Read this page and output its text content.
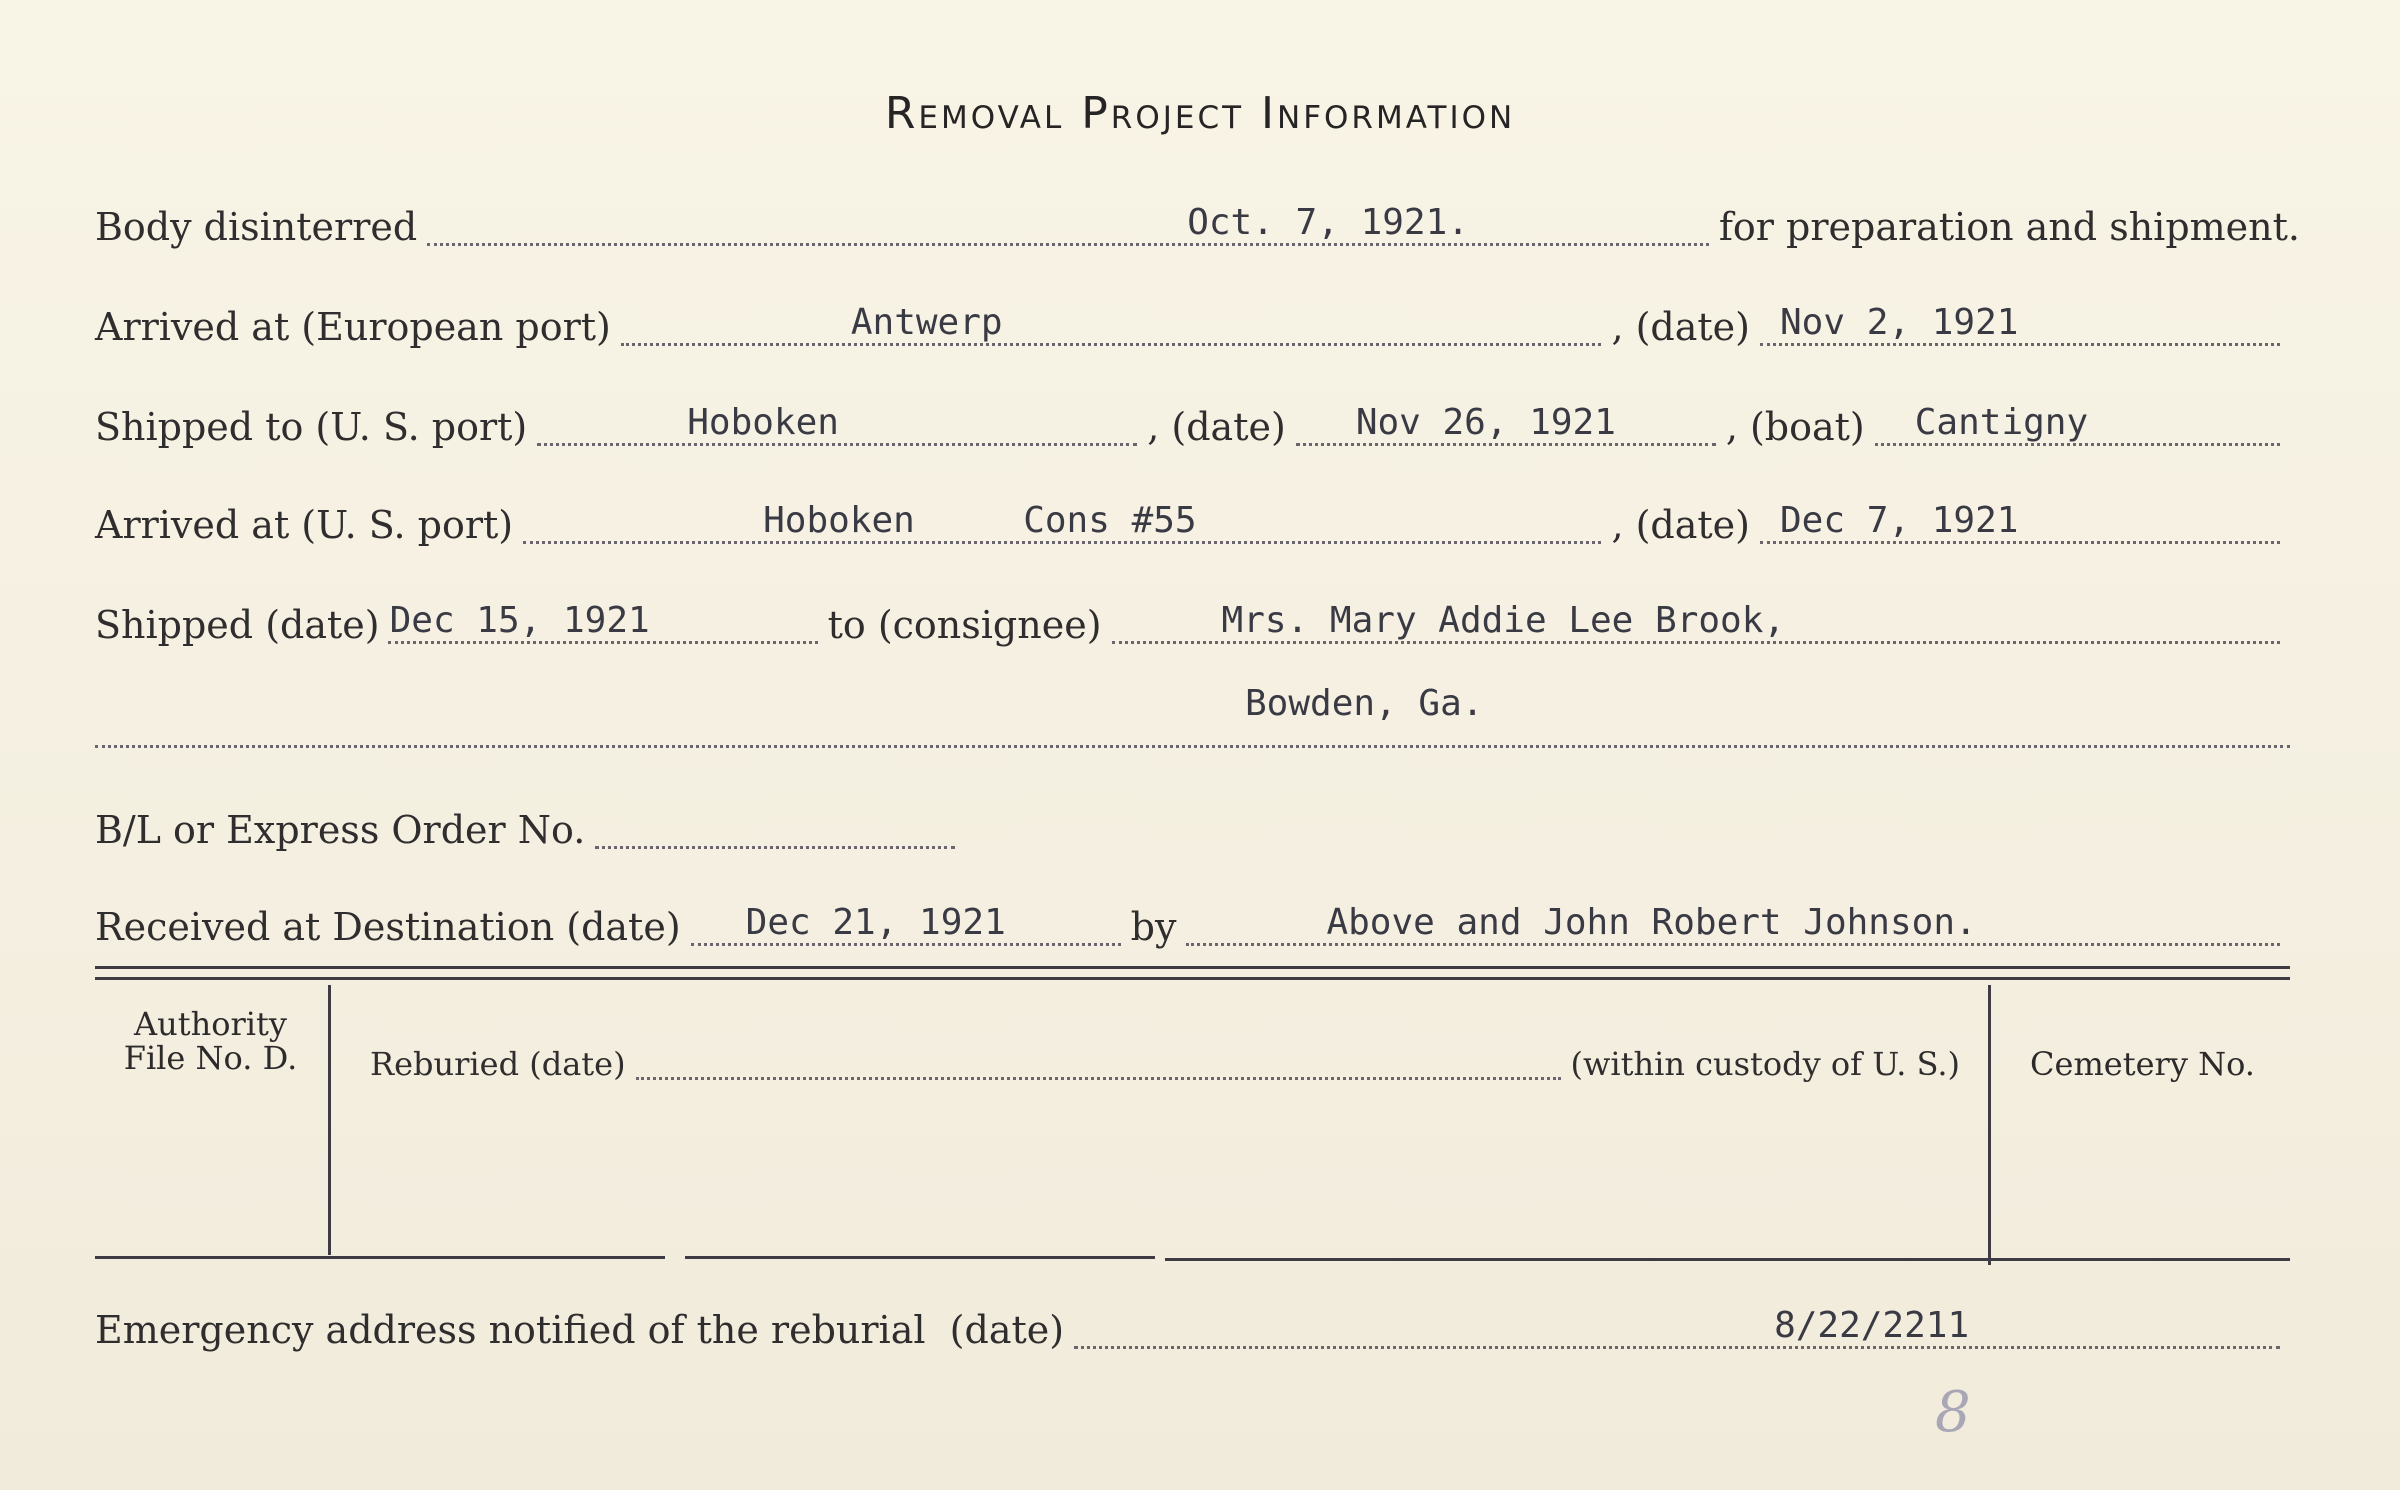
Removal Project Information
Body disinterred	Oct. 7, 1921.	for preparation and shipment.
Arrived at (European port)	Antwerp	, (date) Nov 2, 1921
Shipped to (U. S. port)	Hoboken	, (date) Nov 26, 1921	, (boat) Cantigny
Arrived at (U. S. port)	Hoboken     Cons #55	, (date) Dec 7, 1921
Shipped (date) Dec 15, 1921	to (consignee)	Mrs. Mary Addie Lee Brook,
Bowden, Ga.
B/L or Express Order No.
Received at Destination (date) Dec 21, 1921	by	Above and John Robert Johnson.
Authority
File No. D.	Reburied (date)	(within custody of U. S.)	Cemetery No.
Emergency address notified of the reburial  (date)	8/22/2211
8
